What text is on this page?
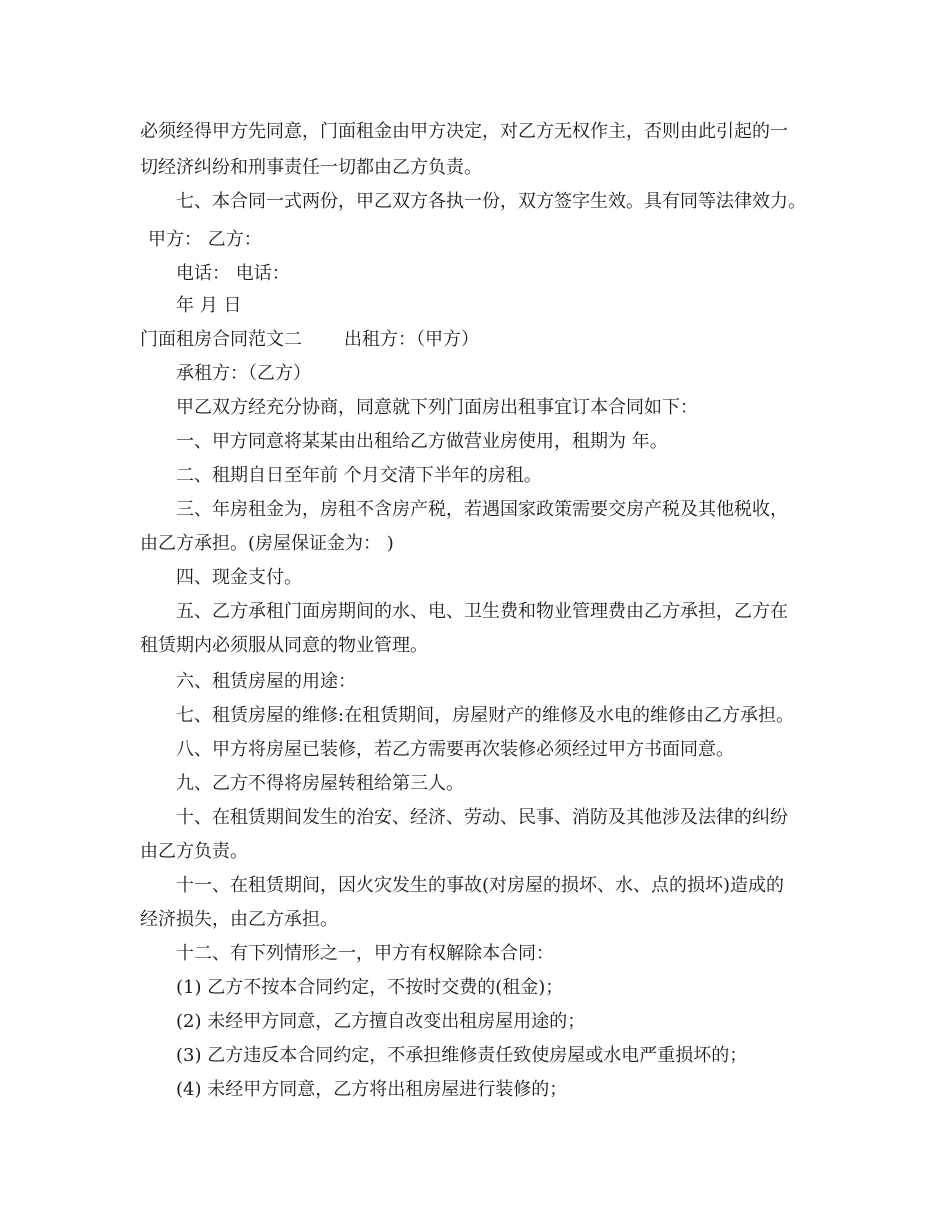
必须经得甲方先同意，门面租金由甲方决定，对乙方无权作主，否则由此引起的一
切经济纠纷和刑事责任一切都由乙方负责。
七、本合同一式两份，甲乙双方各执一份，双方签字生效。具有同等法律效力。
甲方： 乙方：
电话： 电话：
年 月 日
门面租房合同范文二 出租方：（甲方）
承租方：（乙方）
甲乙双方经充分协商，同意就下列门面房出租事宜订本合同如下：
一、甲方同意将某某由出租给乙方做营业房使用，租期为 年。
二、租期自日至年前 个月交清下半年的房租。
三、年房租金为，房租不含房产税，若遇国家政策需要交房产税及其他税收，
由乙方承担。(房屋保证金为： )
四、现金支付。
五、乙方承租门面房期间的水、电、卫生费和物业管理费由乙方承担，乙方在
租赁期内必须服从同意的物业管理。
六、租赁房屋的用途：
七、租赁房屋的维修:在租赁期间，房屋财产的维修及水电的维修由乙方承担。
八、甲方将房屋已装修，若乙方需要再次装修必须经过甲方书面同意。
九、乙方不得将房屋转租给第三人。
十、在租赁期间发生的治安、经济、劳动、民事、消防及其他涉及法律的纠纷
由乙方负责。
十一、在租赁期间，因火灾发生的事故(对房屋的损坏、水、点的损坏)造成的
经济损失，由乙方承担。
十二、有下列情形之一，甲方有权解除本合同：
(1) 乙方不按本合同约定，不按时交费的(租金)；
(2) 未经甲方同意，乙方擅自改变出租房屋用途的；
(3) 乙方违反本合同约定，不承担维修责任致使房屋或水电严重损坏的；
(4) 未经甲方同意，乙方将出租房屋进行装修的；
